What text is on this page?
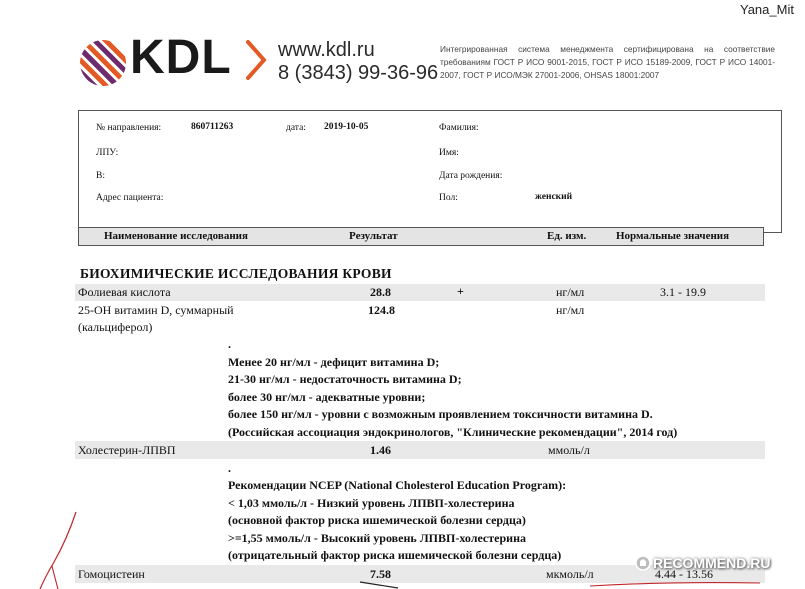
Yana_Mit
KDL www.kdl.ru
8 (3843) 99-36-96
Интегрированная система менеджмента сертифицирована на соответствие требованиям ГОСТ Р ИСО 9001-2015, ГОСТ Р ИСО 15189-2009, ГОСТ Р ИСО 14001-2007, ГОСТ Р ИСО/МЭК 27001-2006, OHSAS 18001:2007
№ направления:	860711263	дата: 2019-10-05	Фамилия:
ЛПУ:	Имя:
В:	Дата рождения:
Адрес пациента:	Пол:	женский
Наименование исследования	Результат	Ед. изм.	Нормальные значения
БИОХИМИЧЕСКИЕ ИССЛЕДОВАНИЯ КРОВИ
Фолиевая кислота	28.8	+	нг/мл	3.1 - 19.9
25-ОН витамин D, суммарный
(кальциферол)
124.8	нг/мл
.
Менее 20 нг/мл - дефицит витамина D;
21-30 нг/мл - недостаточность витамина D;
более 30 нг/мл - адекватные уровни;
более 150 нг/мл - уровни с возможным проявлением токсичности витамина D.
(Российская ассоциация эндокринологов, "Клинические рекомендации", 2014 год)
Холестерин-ЛПВП	1.46	ммоль/л
.
Рекомендации NCEP (National Cholesterol Education Program):
< 1,03 ммоль/л - Низкий уровень ЛПВП-холестерина
(основной фактор риска ишемической болезни сердца)
>=1,55 ммоль/л - Высокий уровень ЛПВП-холестерина
(отрицательный фактор риска ишемической болезни сердца)
Гомоцистеин	7.58	мкмоль/л	4.44 - 13.56
RECOMMEND.RU
